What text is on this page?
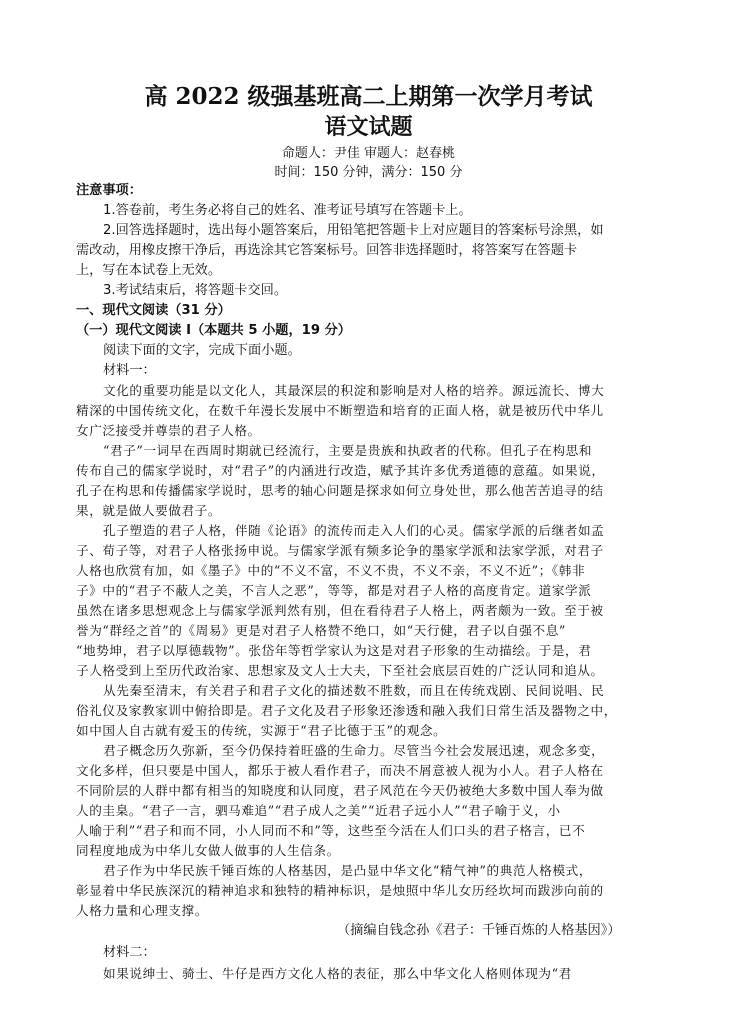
高 2022 级强基班高二上期第一次学月考试
语文试题
命题人：尹佳 审题人：赵春桃
时间：150 分钟，满分：150 分
注意事项：
1.答卷前，考生务必将自己的姓名、准考证号填写在答题卡上。
2.回答选择题时，选出每小题答案后，用铅笔把答题卡上对应题目的答案标号涂黑，如
需改动，用橡皮擦干净后，再选涂其它答案标号。回答非选择题时，将答案写在答题卡
上，写在本试卷上无效。
3.考试结束后，将答题卡交回。
一、现代文阅读（31 分）
（一）现代文阅读 I（本题共 5 小题，19 分）
阅读下面的文字，完成下面小题。
材料一：
文化的重要功能是以文化人，其最深层的积淀和影响是对人格的培养。源远流长、博大
精深的中国传统文化，在数千年漫长发展中不断塑造和培育的正面人格，就是被历代中华儿
女广泛接受并尊崇的君子人格。
“君子”一词早在西周时期就已经流行，主要是贵族和执政者的代称。但孔子在构思和
传布自己的儒家学说时，对“君子”的内涵进行改造，赋予其许多优秀道德的意蕴。如果说，
孔子在构思和传播儒家学说时，思考的轴心问题是探求如何立身处世，那么他苦苦追寻的结
果，就是做人要做君子。
孔子塑造的君子人格，伴随《论语》的流传而走入人们的心灵。儒家学派的后继者如孟
子、荀子等，对君子人格张扬申说。与儒家学派有频多论争的墨家学派和法家学派，对君子
人格也欣赏有加，如《墨子》中的“不义不富，不义不贵，不义不亲，不义不近”；《韩非
子》中的“君子不蔽人之美，不言人之恶”，等等，都是对君子人格的高度肯定。道家学派
虽然在诸多思想观念上与儒家学派判然有别，但在看待君子人格上，两者颇为一致。至于被
誉为“群经之首”的《周易》更是对君子人格赞不绝口，如“天行健，君子以自强不息”
“地势坤，君子以厚德载物”。张岱年等哲学家认为这是对君子形象的生动描绘。于是，君
子人格受到上至历代政治家、思想家及文人士大夫，下至社会底层百姓的广泛认同和追从。
从先秦至清末，有关君子和君子文化的描述数不胜数，而且在传统戏剧、民间说唱、民
俗礼仪及家教家训中俯拾即是。君子文化及君子形象还渗透和融入我们日常生活及器物之中，
如中国人自古就有爱玉的传统，实源于“君子比德于玉”的观念。
君子概念历久弥新，至今仍保持着旺盛的生命力。尽管当今社会发展迅速，观念多变，
文化多样，但只要是中国人，都乐于被人看作君子，而决不屑意被人视为小人。君子人格在
不同阶层的人群中都有相当的知晓度和认同度，君子风范在今天仍被绝大多数中国人奉为做
人的圭臬。“君子一言，驷马难追”“君子成人之美”“近君子远小人”“君子喻于义，小
人喻于利”“君子和而不同，小人同而不和”等，这些至今活在人们口头的君子格言，已不
同程度地成为中华儿女做人做事的人生信条。
君子作为中华民族千锤百炼的人格基因，是凸显中华文化“精气神”的典范人格模式，
彰显着中华民族深沉的精神追求和独特的精神标识，是烛照中华儿女历经坎坷而跋涉向前的
人格力量和心理支撑。
（摘编自钱念孙《君子：千锤百炼的人格基因》）
材料二：
如果说绅士、骑士、牛仔是西方文化人格的表征，那么中华文化人格则体现为“君
